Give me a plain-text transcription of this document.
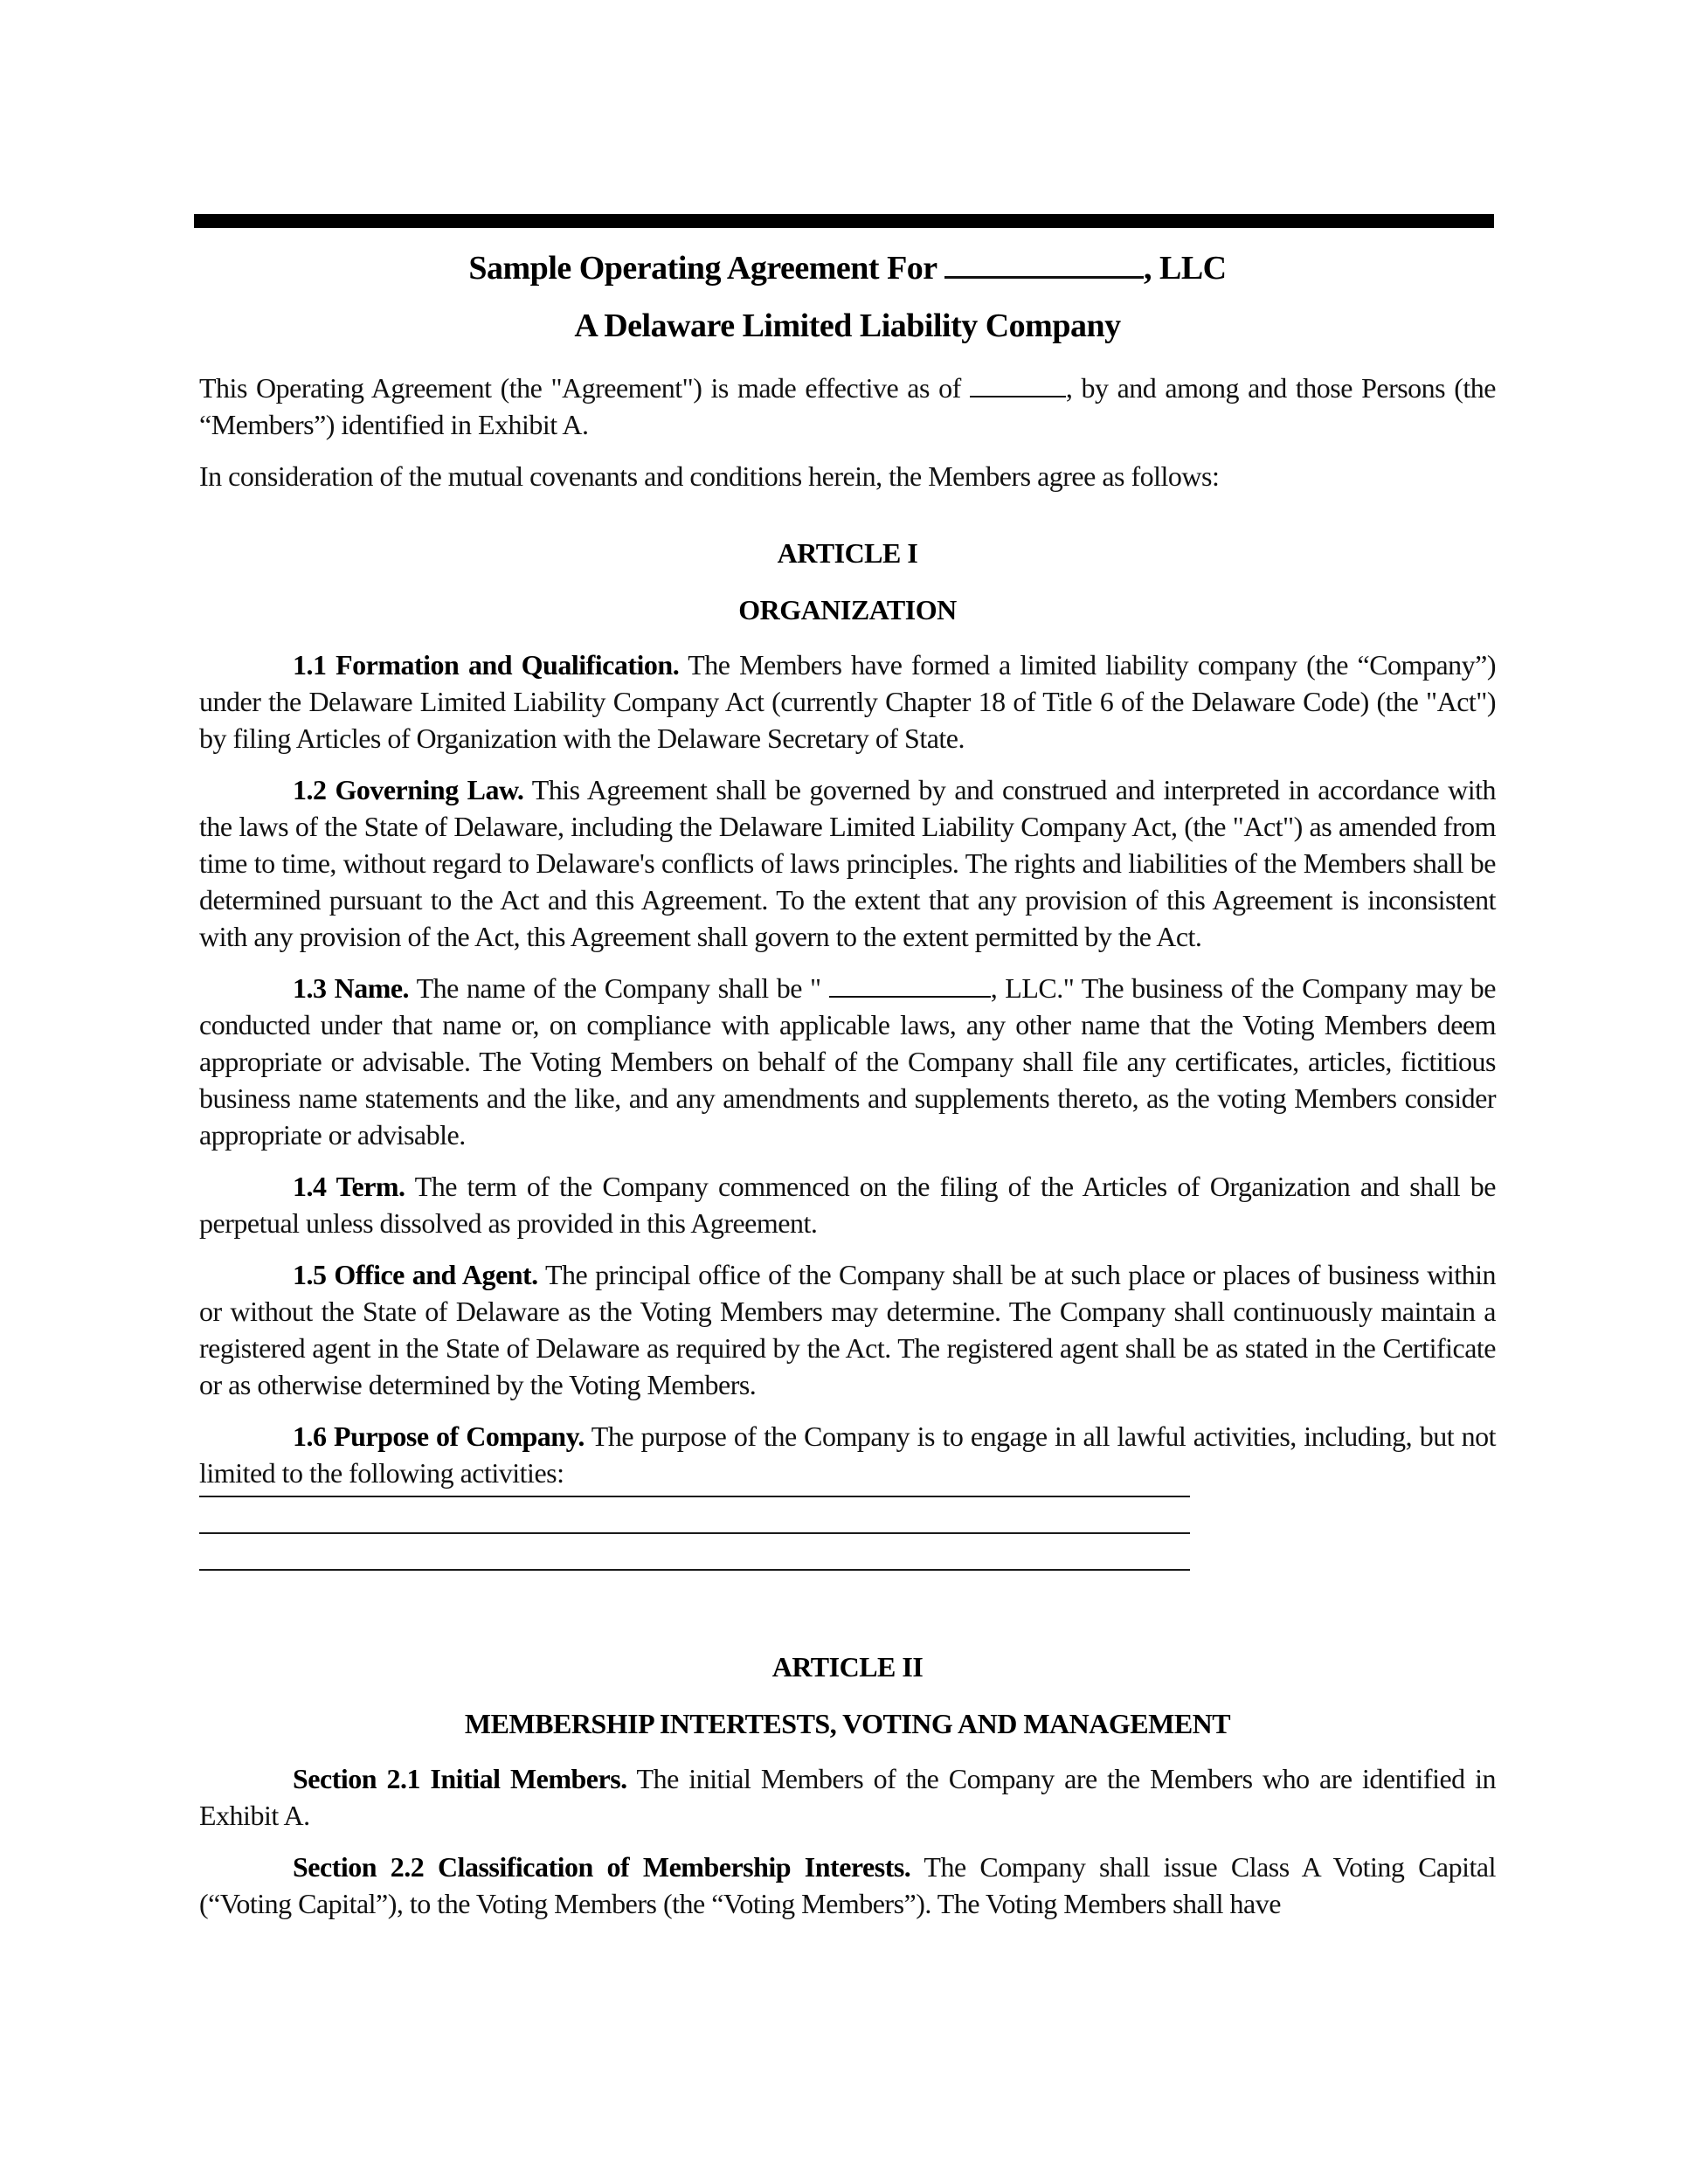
Sample Operating Agreement For	, LLC
A Delaware Limited Liability Company

This Operating Agreement (the "Agreement") is made effective as of	, by and among and those Persons (the “Members”) identified in Exhibit A.

In consideration of the mutual covenants and conditions herein, the Members agree as follows:

ARTICLE I
ORGANIZATION

1.1 Formation and Qualification. The Members have formed a limited liability company (the “Company”) under the Delaware Limited Liability Company Act (currently Chapter 18 of Title 6 of the Delaware Code) (the "Act") by filing Articles of Organization with the Delaware Secretary of State.

1.2 Governing Law. This Agreement shall be governed by and construed and interpreted in accordance with the laws of the State of Delaware, including the Delaware Limited Liability Company Act, (the "Act") as amended from time to time, without regard to Delaware's conflicts of laws principles. The rights and liabilities of the Members shall be determined pursuant to the Act and this Agreement. To the extent that any provision of this Agreement is inconsistent with any provision of the Act, this Agreement shall govern to the extent permitted by the Act.

1.3 Name. The name of the Company shall be "	, LLC." The business of the Company may be conducted under that name or, on compliance with applicable laws, any other name that the Voting Members deem appropriate or advisable. The Voting Members on behalf of the Company shall file any certificates, articles, fictitious business name statements and the like, and any amendments and supplements thereto, as the voting Members consider appropriate or advisable.

1.4 Term. The term of the Company commenced on the filing of the Articles of Organization and shall be perpetual unless dissolved as provided in this Agreement.

1.5 Office and Agent. The principal office of the Company shall be at such place or places of business within or without the State of Delaware as the Voting Members may determine. The Company shall continuously maintain a registered agent in the State of Delaware as required by the Act. The registered agent shall be as stated in the Certificate or as otherwise determined by the Voting Members.

1.6 Purpose of Company. The purpose of the Company is to engage in all lawful activities, including, but not limited to the following activities:

ARTICLE II
MEMBERSHIP INTERTESTS, VOTING AND MANAGEMENT

Section 2.1 Initial Members. The initial Members of the Company are the Members who are identified in Exhibit A.

Section 2.2 Classification of Membership Interests. The Company shall issue Class A Voting Capital (“Voting Capital”), to the Voting Members (the “Voting Members”). The Voting Members shall have
